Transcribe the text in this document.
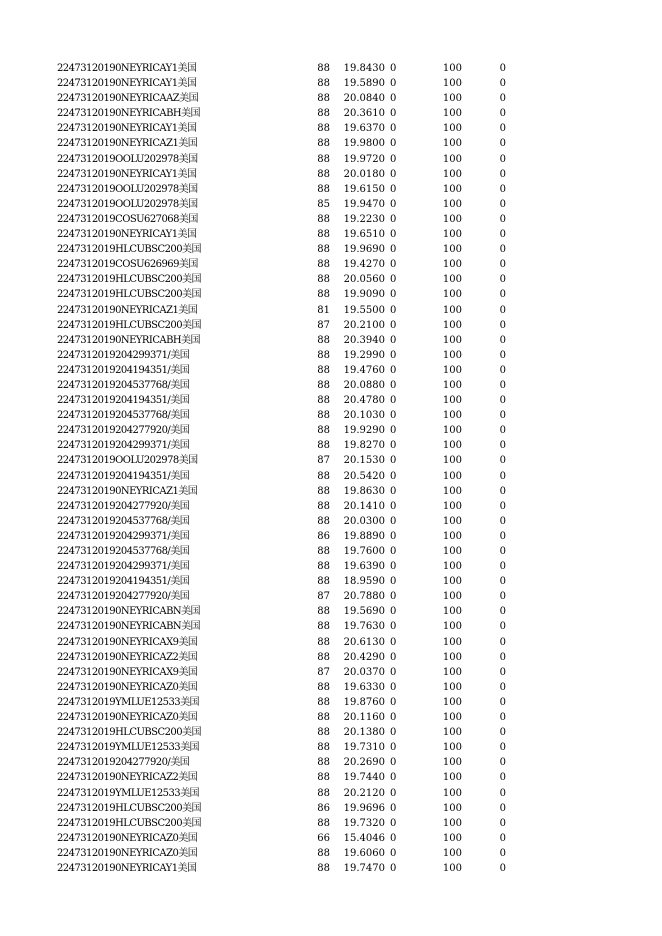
22473120190NEYRICAY1美国	88 19.8430 0	100	0
22473120190NEYRICAY1美国	88 19.5890 0	100	0
22473120190NEYRICAAZ美国	88 20.0840 0	100	0
22473120190NEYRICABH美国	88 20.3610 0	100	0
22473120190NEYRICAY1美国	88 19.6370 0	100	0
22473120190NEYRICAZ1美国	88 19.9800 0	100	0
2247312019OOLU202978美国	88 19.9720 0	100	0
22473120190NEYRICAY1美国	88 20.0180 0	100	0
2247312019OOLU202978美国	88 19.6150 0	100	0
2247312019OOLU202978美国	85 19.9470 0	100	0
2247312019COSU627068美国	88 19.2230 0	100	0
22473120190NEYRICAY1美国	88 19.6510 0	100	0
2247312019HLCUBSC200美国	88 19.9690 0	100	0
2247312019COSU626969美国	88 19.4270 0	100	0
2247312019HLCUBSC200美国	88 20.0560 0	100	0
2247312019HLCUBSC200美国	88 19.9090 0	100	0
22473120190NEYRICAZ1美国	81 19.5500 0	100	0
2247312019HLCUBSC200美国	87 20.2100 0	100	0
22473120190NEYRICABH美国	88 20.3940 0	100	0
2247312019204299371/美国	88 19.2990 0	100	0
2247312019204194351/美国	88 19.4760 0	100	0
2247312019204537768/美国	88 20.0880 0	100	0
2247312019204194351/美国	88 20.4780 0	100	0
2247312019204537768/美国	88 20.1030 0	100	0
2247312019204277920/美国	88 19.9290 0	100	0
2247312019204299371/美国	88 19.8270 0	100	0
2247312019OOLU202978美国	87 20.1530 0	100	0
2247312019204194351/美国	88 20.5420 0	100	0
22473120190NEYRICAZ1美国	88 19.8630 0	100	0
2247312019204277920/美国	88 20.1410 0	100	0
2247312019204537768/美国	88 20.0300 0	100	0
2247312019204299371/美国	86 19.8890 0	100	0
2247312019204537768/美国	88 19.7600 0	100	0
2247312019204299371/美国	88 19.6390 0	100	0
2247312019204194351/美国	88 18.9590 0	100	0
2247312019204277920/美国	87 20.7880 0	100	0
22473120190NEYRICABN美国	88 19.5690 0	100	0
22473120190NEYRICABN美国	88 19.7630 0	100	0
22473120190NEYRICAX9美国	88 20.6130 0	100	0
22473120190NEYRICAZ2美国	88 20.4290 0	100	0
22473120190NEYRICAX9美国	87 20.0370 0	100	0
22473120190NEYRICAZ0美国	88 19.6330 0	100	0
2247312019YMLUE12533美国	88 19.8760 0	100	0
22473120190NEYRICAZ0美国	88 20.1160 0	100	0
2247312019HLCUBSC200美国	88 20.1380 0	100	0
2247312019YMLUE12533美国	88 19.7310 0	100	0
2247312019204277920/美国	88 20.2690 0	100	0
22473120190NEYRICAZ2美国	88 19.7440 0	100	0
2247312019YMLUE12533美国	88 20.2120 0	100	0
2247312019HLCUBSC200美国	86 19.9696 0	100	0
2247312019HLCUBSC200美国	88 19.7320 0	100	0
22473120190NEYRICAZ0美国	66 15.4046 0	100	0
22473120190NEYRICAZ0美国	88 19.6060 0	100	0
22473120190NEYRICAY1美国	88 19.7470 0	100	0
